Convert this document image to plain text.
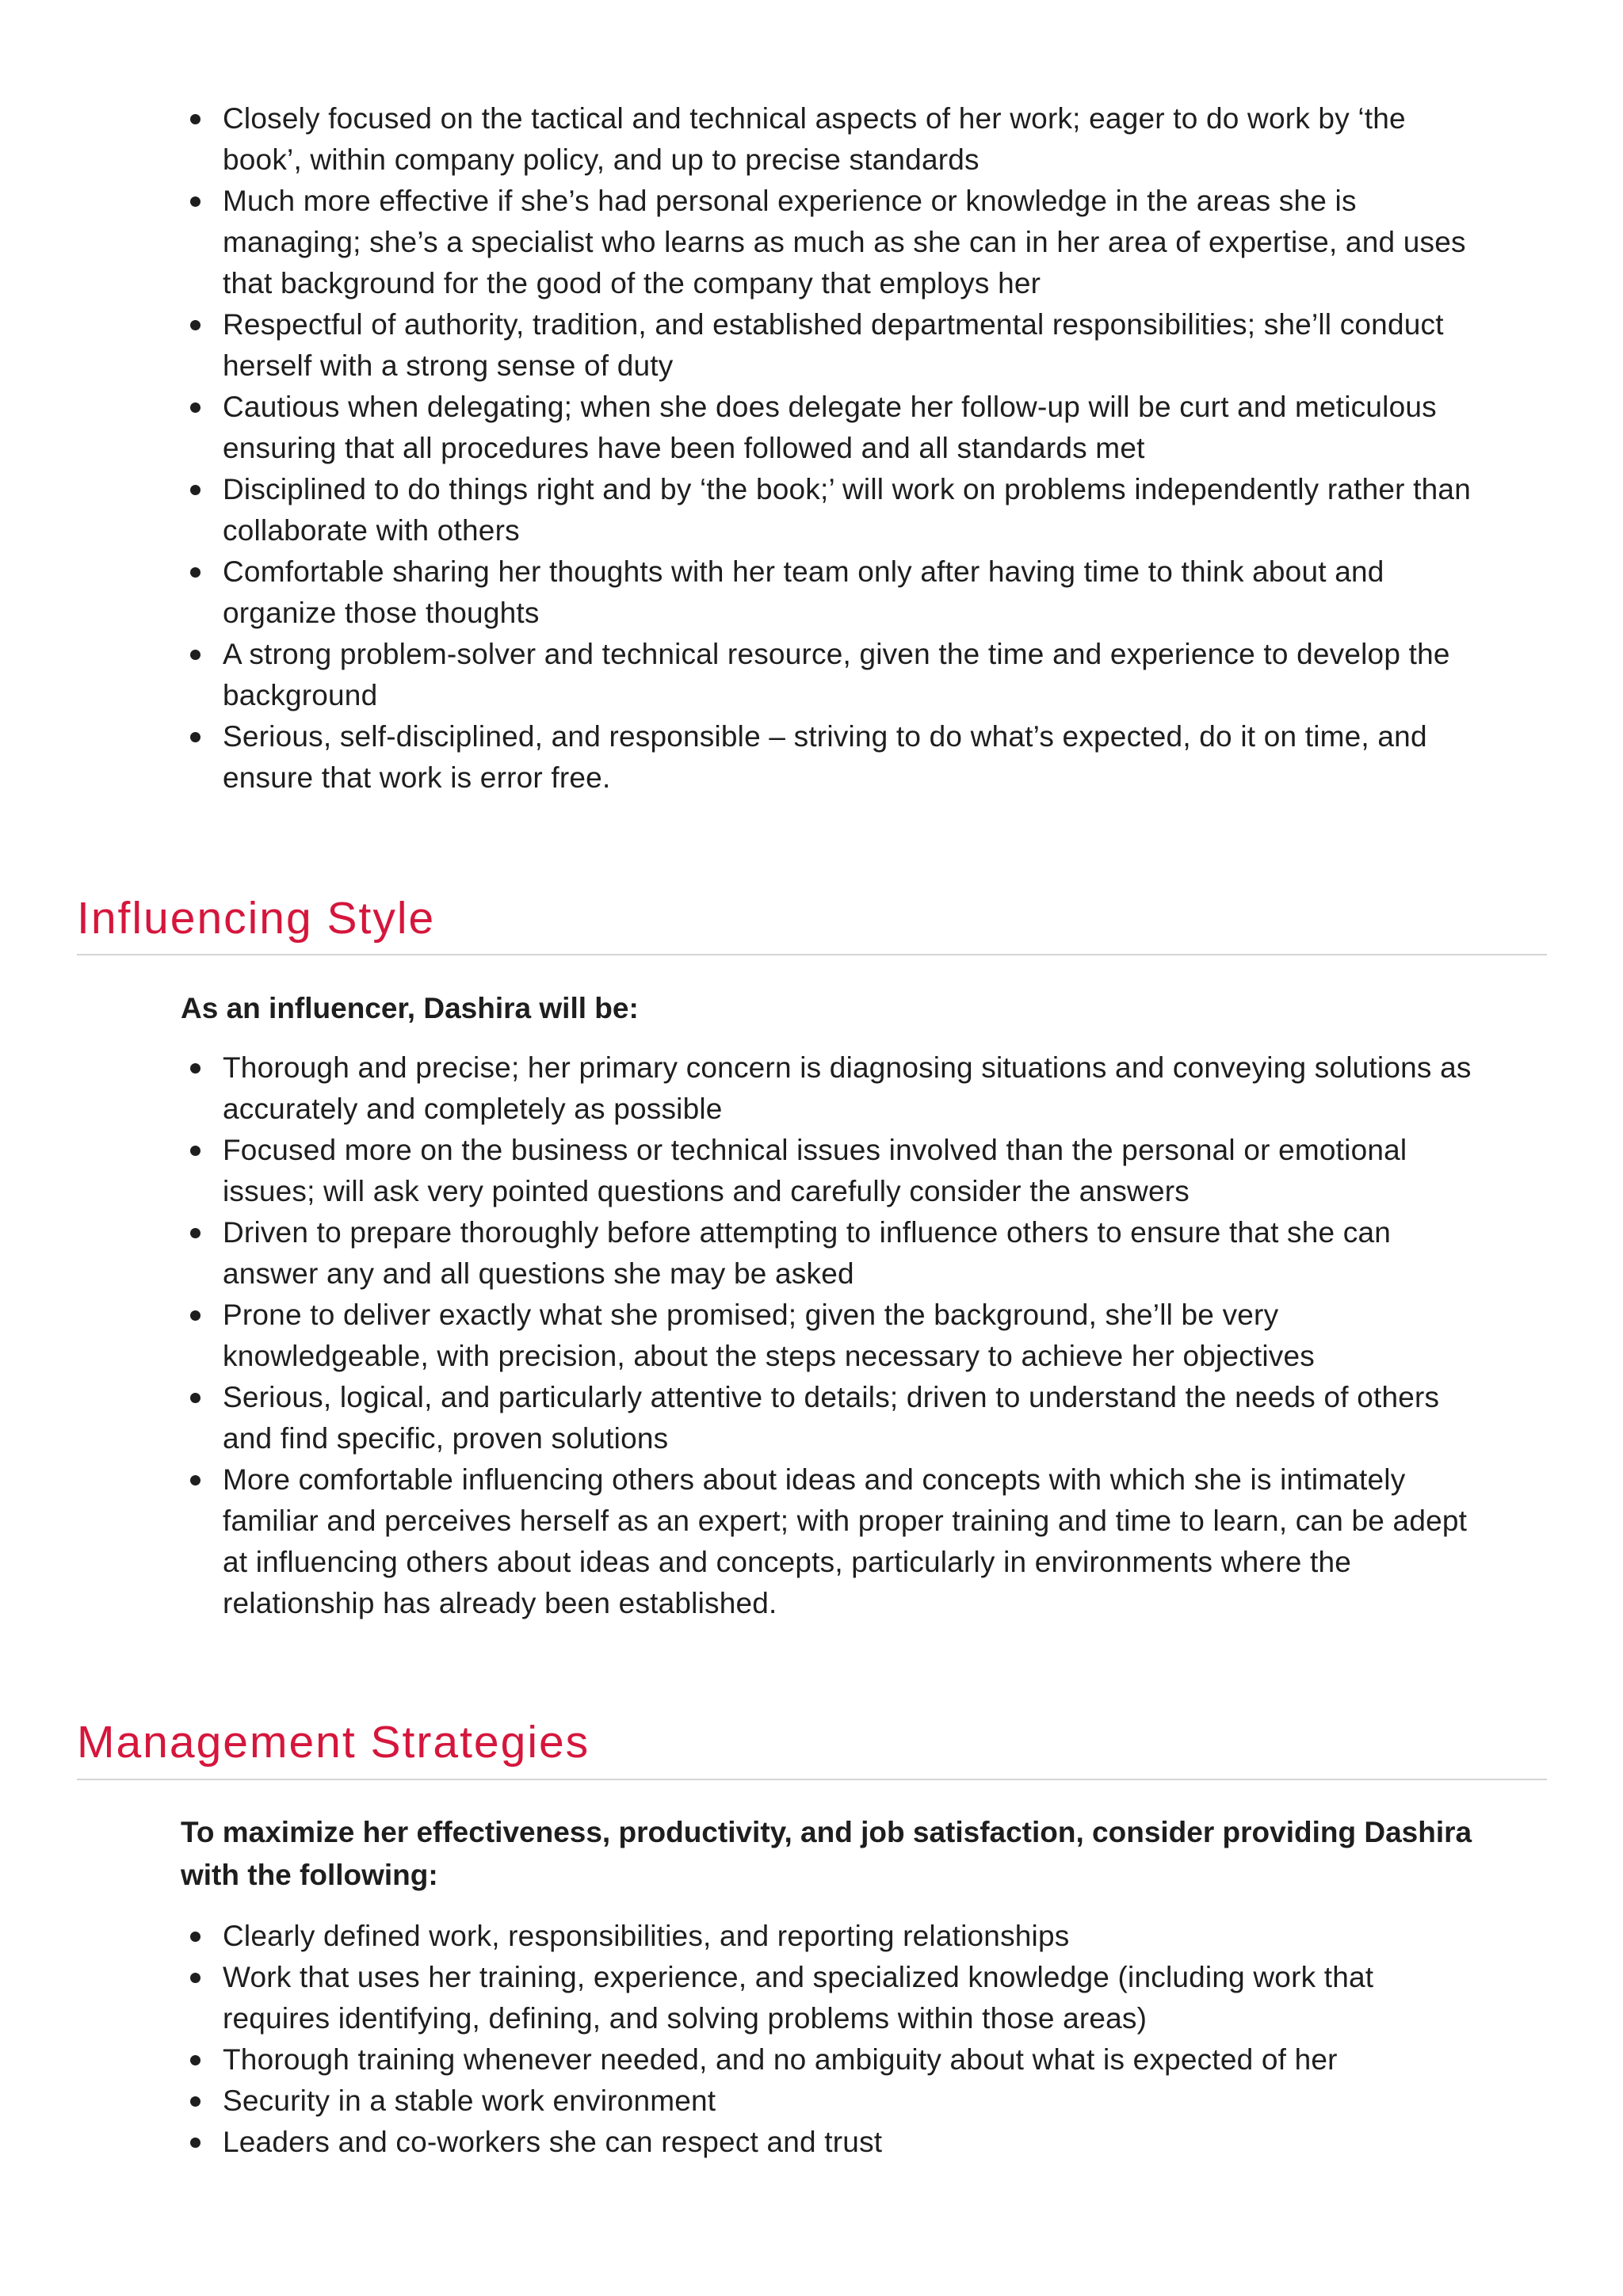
Closely focused on the tactical and technical aspects of her work; eager to do work by ‘the book’, within company policy, and up to precise standards
Much more effective if she’s had personal experience or knowledge in the areas she is managing; she’s a specialist who learns as much as she can in her area of expertise, and uses that background for the good of the company that employs her
Respectful of authority, tradition, and established departmental responsibilities; she’ll conduct herself with a strong sense of duty
Cautious when delegating; when she does delegate her follow-up will be curt and meticulous ensuring that all procedures have been followed and all standards met
Disciplined to do things right and by ‘the book;’ will work on problems independently rather than collaborate with others
Comfortable sharing her thoughts with her team only after having time to think about and organize those thoughts
A strong problem-solver and technical resource, given the time and experience to develop the background
Serious, self-disciplined, and responsible – striving to do what’s expected, do it on time, and ensure that work is error free.
Influencing Style

As an influencer, Dashira will be:

Thorough and precise; her primary concern is diagnosing situations and conveying solutions as accurately and completely as possible
Focused more on the business or technical issues involved than the personal or emotional issues; will ask very pointed questions and carefully consider the answers
Driven to prepare thoroughly before attempting to influence others to ensure that she can answer any and all questions she may be asked
Prone to deliver exactly what she promised; given the background, she’ll be very knowledgeable, with precision, about the steps necessary to achieve her objectives
Serious, logical, and particularly attentive to details; driven to understand the needs of others and find specific, proven solutions
More comfortable influencing others about ideas and concepts with which she is intimately familiar and perceives herself as an expert; with proper training and time to learn, can be adept at influencing others about ideas and concepts, particularly in environments where the relationship has already been established.
Management Strategies

To maximize her effectiveness, productivity, and job satisfaction, consider providing Dashira with the following:

Clearly defined work, responsibilities, and reporting relationships
Work that uses her training, experience, and specialized knowledge (including work that requires identifying, defining, and solving problems within those areas)
Thorough training whenever needed, and no ambiguity about what is expected of her
Security in a stable work environment
Leaders and co-workers she can respect and trust
